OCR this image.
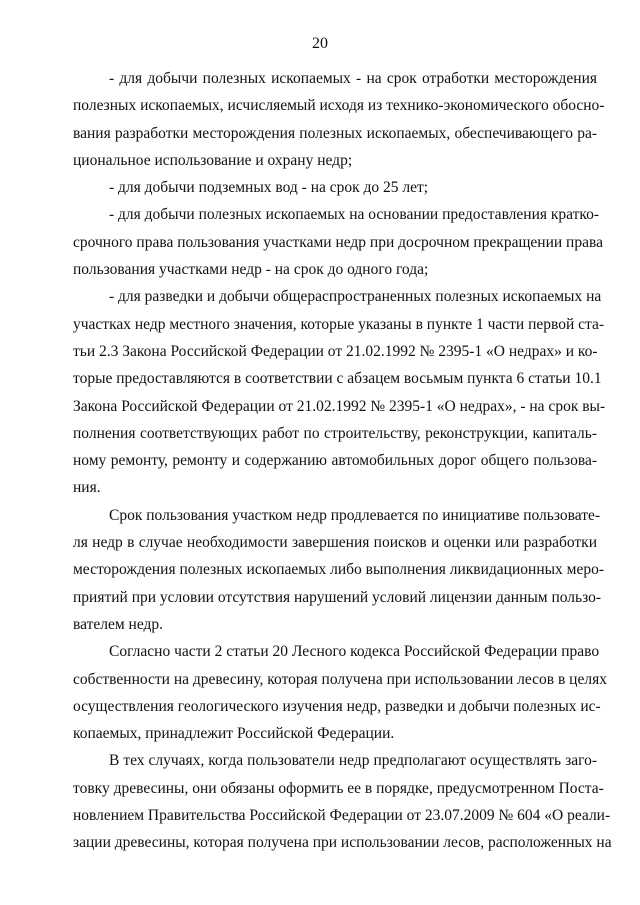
20
- для добычи полезных ископаемых - на срок отработки месторождения
полезных ископаемых, исчисляемый исходя из технико-экономического обосно-
вания разработки месторождения полезных ископаемых, обеспечивающего ра-
циональное использование и охрану недр;
- для добычи подземных вод - на срок до 25 лет;
- для добычи полезных ископаемых на основании предоставления кратко-
срочного права пользования участками недр при досрочном прекращении права
пользования участками недр - на срок до одного года;
- для разведки и добычи общераспространенных полезных ископаемых на
участках недр местного значения, которые указаны в пункте 1 части первой ста-
тьи 2.3 Закона Российской Федерации от 21.02.1992 № 2395-1 «О недрах» и ко-
торые предоставляются в соответствии с абзацем восьмым пункта 6 статьи 10.1
Закона Российской Федерации от 21.02.1992 № 2395-1 «О недрах», - на срок вы-
полнения соответствующих работ по строительству, реконструкции, капиталь-
ному ремонту, ремонту и содержанию автомобильных дорог общего пользова-
ния.
Срок пользования участком недр продлевается по инициативе пользовате-
ля недр в случае необходимости завершения поисков и оценки или разработки
месторождения полезных ископаемых либо выполнения ликвидационных меро-
приятий при условии отсутствия нарушений условий лицензии данным пользо-
вателем недр.
Согласно части 2 статьи 20 Лесного кодекса Российской Федерации право
собственности на древесину, которая получена при использовании лесов в целях
осуществления геологического изучения недр, разведки и добычи полезных ис-
копаемых, принадлежит Российской Федерации.
В тех случаях, когда пользователи недр предполагают осуществлять заго-
товку древесины, они обязаны оформить ее в порядке, предусмотренном Поста-
новлением Правительства Российской Федерации от 23.07.2009 № 604 «О реали-
зации древесины, которая получена при использовании лесов, расположенных на
